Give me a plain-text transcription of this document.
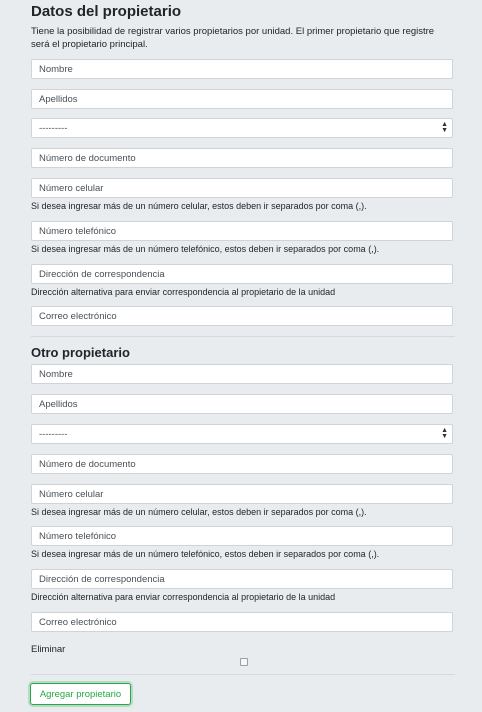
Datos del propietario
Tiene la posibilidad de registrar varios propietarios por unidad. El primer propietario que registre será el propietario principal.
Nombre
Apellidos
---------	▲
▼
Número de documento
Número celular
Si desea ingresar más de un número celular, estos deben ir separados por coma (,).
Número telefónico
Si desea ingresar más de un número telefónico, estos deben ir separados por coma (,).
Dirección de correspondencia
Dirección alternativa para enviar correspondencia al propietario de la unidad
Correo electrónico
Otro propietario
Nombre
Apellidos
---------	▲
▼
Número de documento
Número celular
Si desea ingresar más de un número celular, estos deben ir separados por coma (,).
Número telefónico
Si desea ingresar más de un número telefónico, estos deben ir separados por coma (,).
Dirección de correspondencia
Dirección alternativa para enviar correspondencia al propietario de la unidad
Correo electrónico
Eliminar
Agregar propietario
